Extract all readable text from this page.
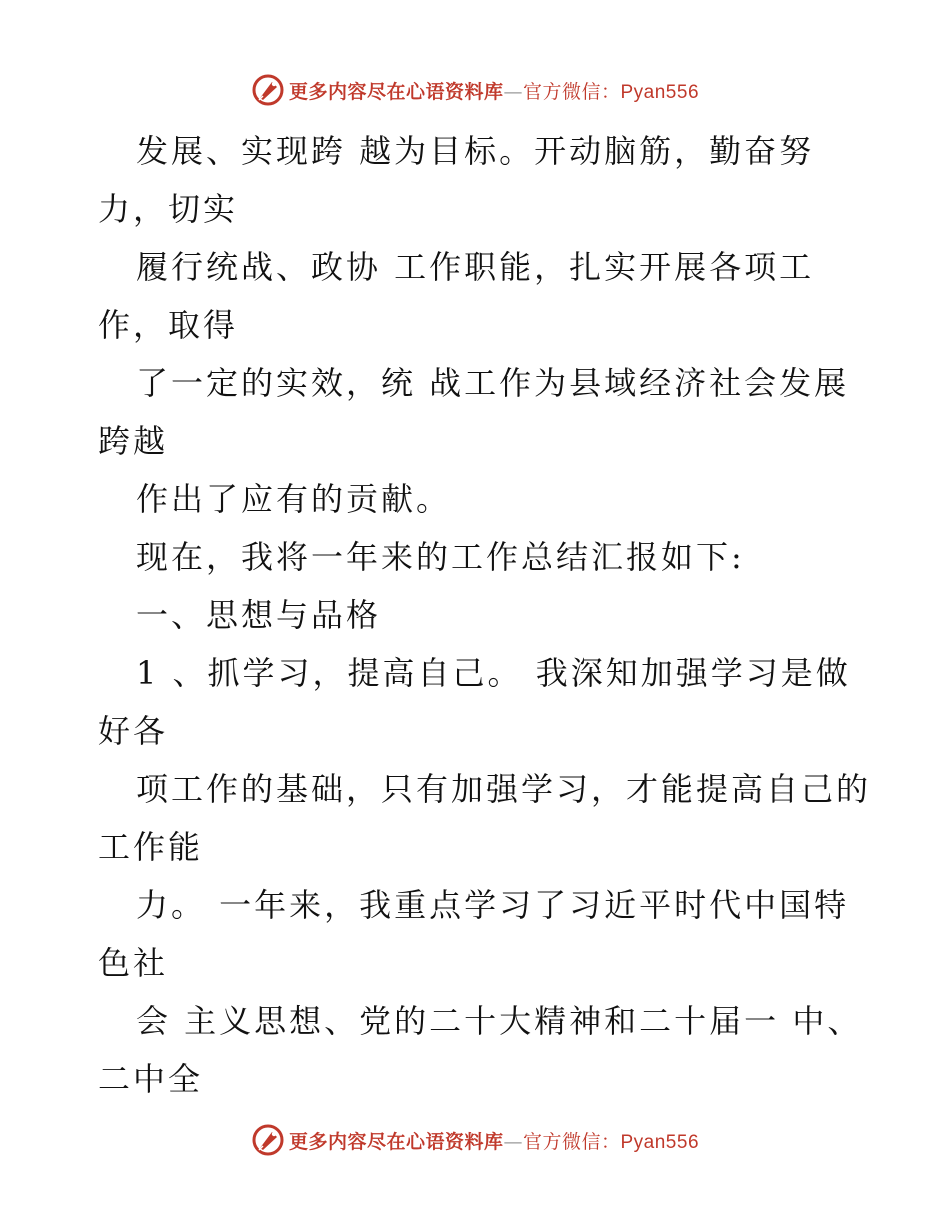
更多内容尽在心语资料库—官方微信：Pyan556
发展、实现跨 越为目标。开动脑筋，勤奋努
力，切实
履行统战、政协 工作职能，扎实开展各项工
作，取得
了一定的实效，统 战工作为县域经济社会发展
跨越
作出了应有的贡献。
现在，我将一年来的工作总结汇报如下:
一、思想与品格
1 、抓学习，提高自己。 我深知加强学习是做
好各
项工作的基础，只有加强学习，才能提高自己的
工作能
力。 一年来，我重点学习了习近平时代中国特
色社
会 主义思想、党的二十大精神和二十届一 中、
二中全
更多内容尽在心语资料库—官方微信：Pyan556
